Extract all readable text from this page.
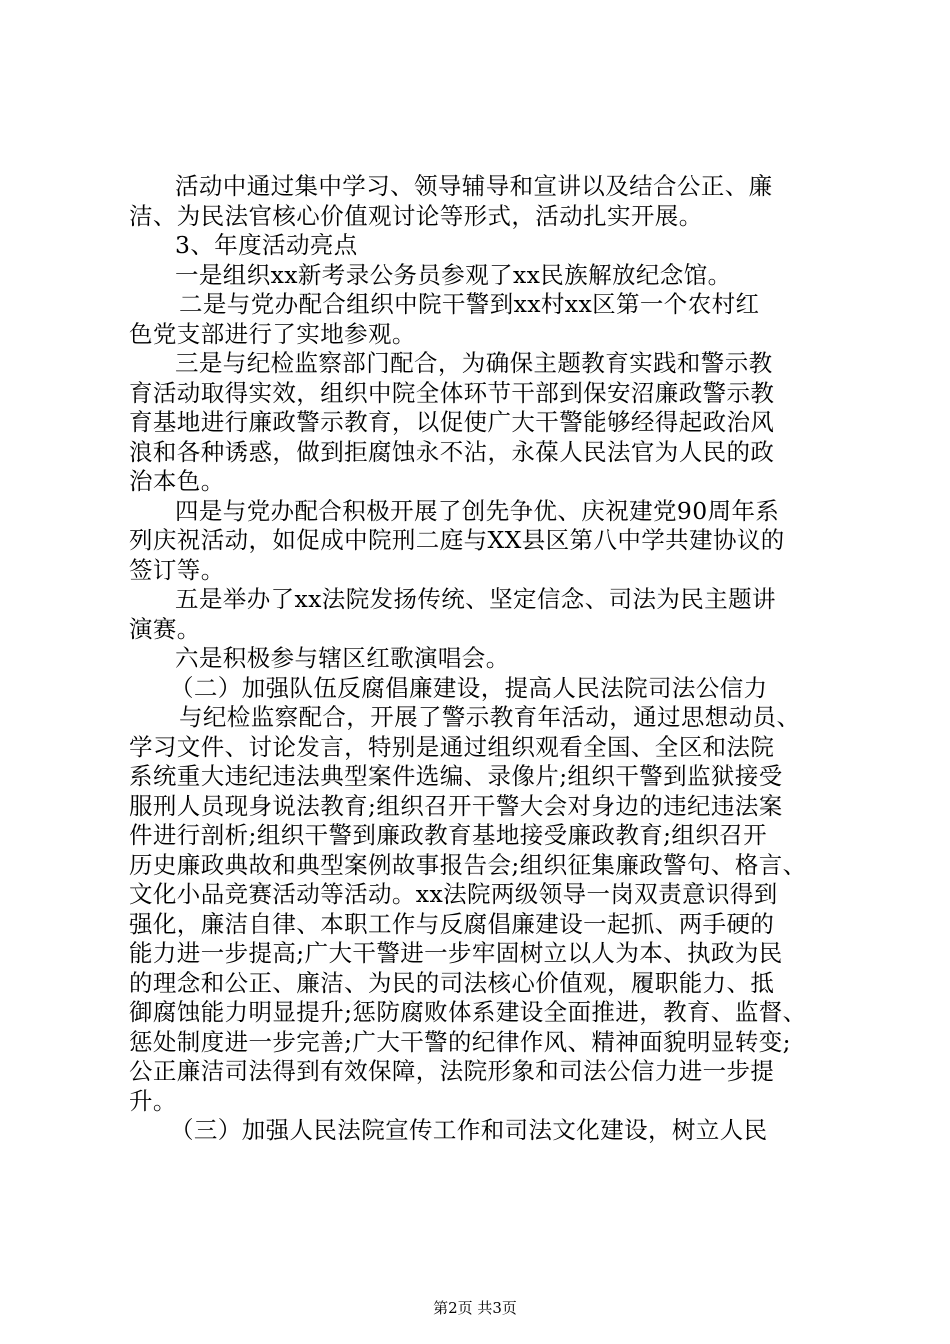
活动中通过集中学习、领导辅导和宣讲以及结合公正、廉
洁、为民法官核心价值观讨论等形式，活动扎实开展。
3、年度活动亮点
一是组织xx新考录公务员参观了xx民族解放纪念馆。
二是与党办配合组织中院干警到xx村xx区第一个农村红
色党支部进行了实地参观。
三是与纪检监察部门配合，为确保主题教育实践和警示教
育活动取得实效，组织中院全体环节干部到保安沼廉政警示教
育基地进行廉政警示教育，以促使广大干警能够经得起政治风
浪和各种诱惑，做到拒腐蚀永不沾，永葆人民法官为人民的政
治本色。
四是与党办配合积极开展了创先争优、庆祝建党90周年系
列庆祝活动，如促成中院刑二庭与XX县区第八中学共建协议的
签订等。
五是举办了xx法院发扬传统、坚定信念、司法为民主题讲
演赛。
六是积极参与辖区红歌演唱会。
（二）加强队伍反腐倡廉建设，提高人民法院司法公信力
与纪检监察配合，开展了警示教育年活动，通过思想动员、
学习文件、讨论发言，特别是通过组织观看全国、全区和法院
系统重大违纪违法典型案件选编、录像片;组织干警到监狱接受
服刑人员现身说法教育;组织召开干警大会对身边的违纪违法案
件进行剖析;组织干警到廉政教育基地接受廉政教育;组织召开
历史廉政典故和典型案例故事报告会;组织征集廉政警句、格言、
文化小品竞赛活动等活动。xx法院两级领导一岗双责意识得到
强化，廉洁自律、本职工作与反腐倡廉建设一起抓、两手硬的
能力进一步提高;广大干警进一步牢固树立以人为本、执政为民
的理念和公正、廉洁、为民的司法核心价值观，履职能力、抵
御腐蚀能力明显提升;惩防腐败体系建设全面推进，教育、监督、
惩处制度进一步完善;广大干警的纪律作风、精神面貌明显转变;
公正廉洁司法得到有效保障，法院形象和司法公信力进一步提
升。
（三）加强人民法院宣传工作和司法文化建设，树立人民
第2页 共3页
